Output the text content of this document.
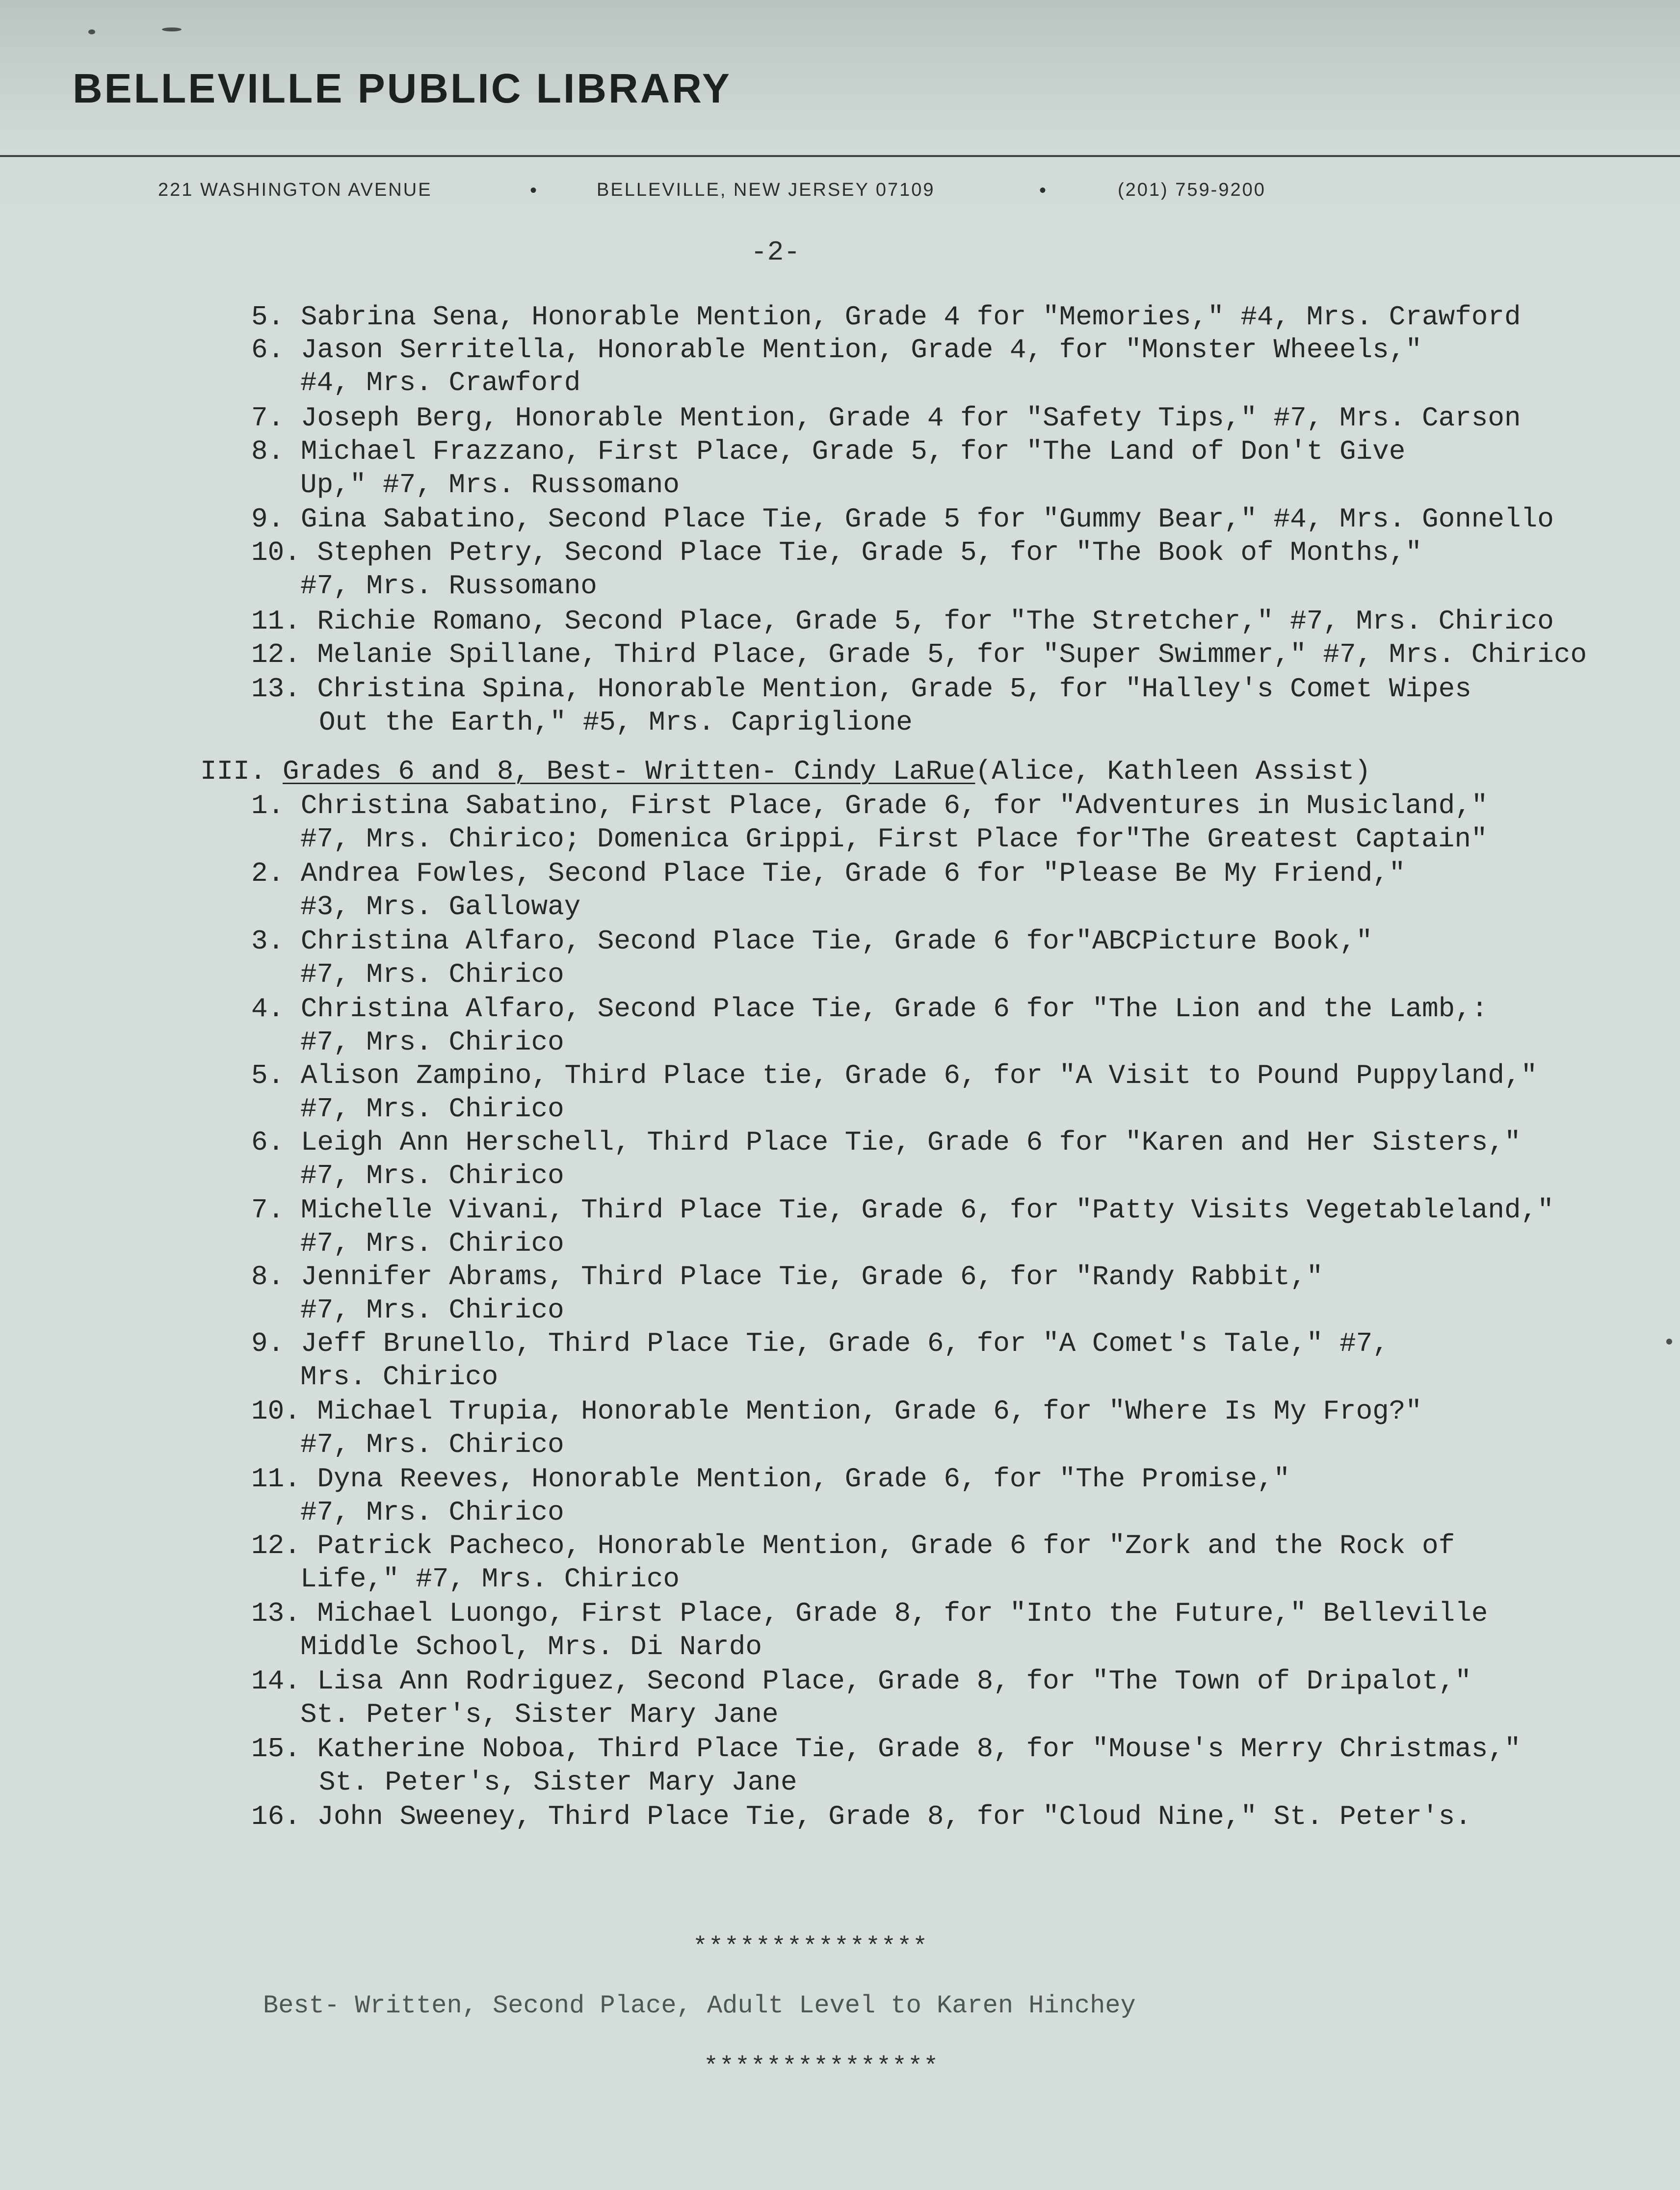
BELLEVILLE PUBLIC LIBRARY
221 WASHINGTON AVENUE	•	BELLEVILLE, NEW JERSEY 07109	•	(201) 759-9200
-2-
5. Sabrina Sena, Honorable Mention, Grade 4 for "Memories," #4, Mrs. Crawford
6. Jason Serritella, Honorable Mention, Grade 4, for "Monster Wheeels,"
#4, Mrs. Crawford
7. Joseph Berg, Honorable Mention, Grade 4 for "Safety Tips," #7, Mrs. Carson
8. Michael Frazzano, First Place, Grade 5, for "The Land of Don't Give
Up," #7, Mrs. Russomano
9. Gina Sabatino, Second Place Tie, Grade 5 for "Gummy Bear," #4, Mrs. Gonnello
10. Stephen Petry, Second Place Tie, Grade 5, for "The Book of Months,"
#7, Mrs. Russomano
11. Richie Romano, Second Place, Grade 5, for "The Stretcher," #7, Mrs. Chirico
12. Melanie Spillane, Third Place, Grade 5, for "Super Swimmer," #7, Mrs. Chirico
13. Christina Spina, Honorable Mention, Grade 5, for "Halley's Comet Wipes
Out the Earth," #5, Mrs. Capriglione
III. Grades 6 and 8, Best- Written- Cindy LaRue(Alice, Kathleen Assist)
1. Christina Sabatino, First Place, Grade 6, for "Adventures in Musicland,"
#7, Mrs. Chirico; Domenica Grippi, First Place for"The Greatest Captain"
2. Andrea Fowles, Second Place Tie, Grade 6 for "Please Be My Friend,"
#3, Mrs. Galloway
3. Christina Alfaro, Second Place Tie, Grade 6 for"ABCPicture Book,"
#7, Mrs. Chirico
4. Christina Alfaro, Second Place Tie, Grade 6 for "The Lion and the Lamb,:
#7, Mrs. Chirico
5. Alison Zampino, Third Place tie, Grade 6, for "A Visit to Pound Puppyland,"
#7, Mrs. Chirico
6. Leigh Ann Herschell, Third Place Tie, Grade 6 for "Karen and Her Sisters,"
#7, Mrs. Chirico
7. Michelle Vivani, Third Place Tie, Grade 6, for "Patty Visits Vegetableland,"
#7, Mrs. Chirico
8. Jennifer Abrams, Third Place Tie, Grade 6, for "Randy Rabbit,"
#7, Mrs. Chirico
9. Jeff Brunello, Third Place Tie, Grade 6, for "A Comet's Tale," #7,
Mrs. Chirico
10. Michael Trupia, Honorable Mention, Grade 6, for "Where Is My Frog?"
#7, Mrs. Chirico
11. Dyna Reeves, Honorable Mention, Grade 6, for "The Promise,"
#7, Mrs. Chirico
12. Patrick Pacheco, Honorable Mention, Grade 6 for "Zork and the Rock of
Life," #7, Mrs. Chirico
13. Michael Luongo, First Place, Grade 8, for "Into the Future," Belleville
Middle School, Mrs. Di Nardo
14. Lisa Ann Rodriguez, Second Place, Grade 8, for "The Town of Dripalot,"
St. Peter's, Sister Mary Jane
15. Katherine Noboa, Third Place Tie, Grade 8, for "Mouse's Merry Christmas,"
St. Peter's, Sister Mary Jane
16. John Sweeney, Third Place Tie, Grade 8, for "Cloud Nine," St. Peter's.
***************
Best- Written, Second Place, Adult Level to Karen Hinchey
***************
